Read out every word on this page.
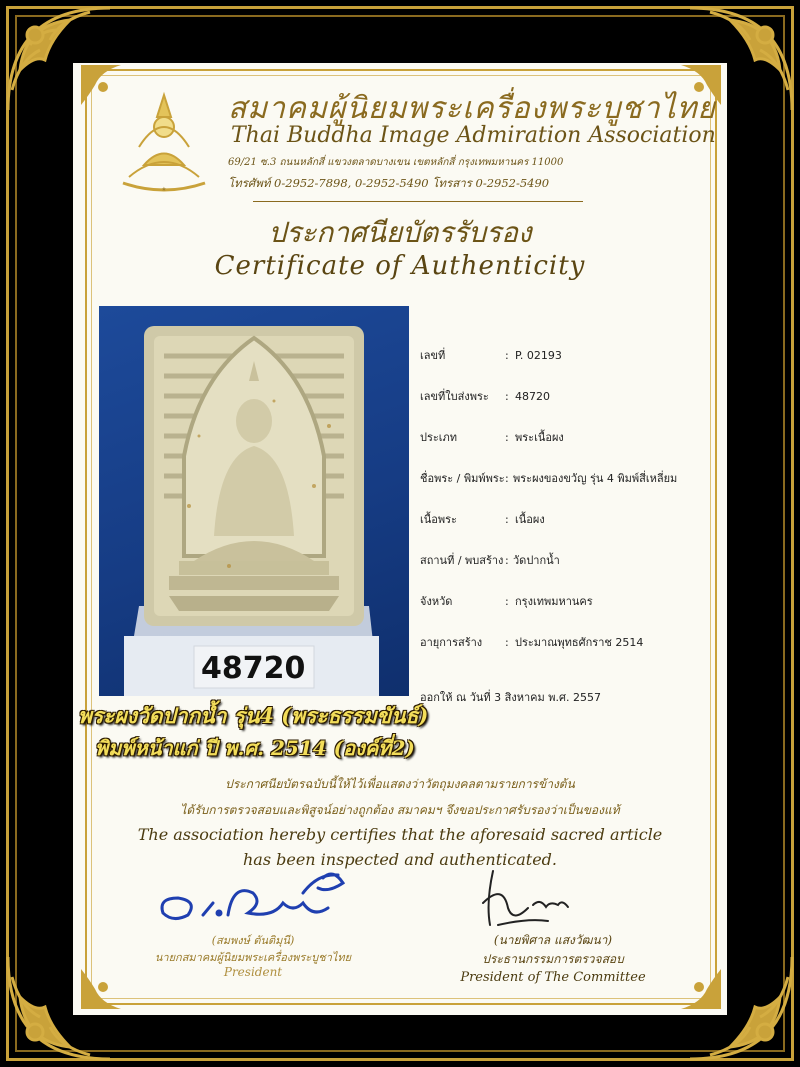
★
สมาคมผู้นิยมพระเครื่องพระบูชาไทย
Thai Buddha Image Admiration Association
69/21 ซ.3 ถนนหลักสี่ แขวงตลาดบางเขน เขตหลักสี่ กรุงเทพมหานคร 11000
โทรศัพท์ 0-2952-7898, 0-2952-5490 โทรสาร 0-2952-5490
ประกาศนียบัตรรับรอง
Certificate of Authenticity
48720
เลขที่	: P. 02193
เลขที่ใบส่งพระ : 48720
ประเภท	: พระเนื้อผง
ชื่อพระ / พิมพ์พระ: พระผงของขวัญ รุ่น 4 พิมพ์สี่เหลี่ยม
เนื้อพระ	: เนื้อผง
สถานที่ / พบสร้าง : วัดปากน้ำ
จังหวัด	: กรุงเทพมหานคร
อายุการสร้าง : ประมาณพุทธศักราช 2514
ออกให้ ณ วันที่ 3 สิงหาคม พ.ศ. 2557
ประกาศนียบัตรฉบับนี้ให้ไว้เพื่อแสดงว่าวัตถุมงคลตามรายการข้างต้น
ได้รับการตรวจสอบและพิสูจน์อย่างถูกต้อง สมาคมฯ จึงขอประกาศรับรองว่าเป็นของแท้
The association hereby certifies that the aforesaid sacred article
has been inspected and authenticated.
(สมพงษ์ ตันติมุนี)
นายกสมาคมผู้นิยมพระเครื่องพระบูชาไทย
President
(นายพิศาล แสงวัฒนา)
ประธานกรรมการตรวจสอบ
President of The Committee
พระผงวัดปากน้ำ รุ่น4 (พระธรรมขันธ์)
พิมพ์หน้าแก่ ปี พ.ศ. 2514 (องค์ที่2)
